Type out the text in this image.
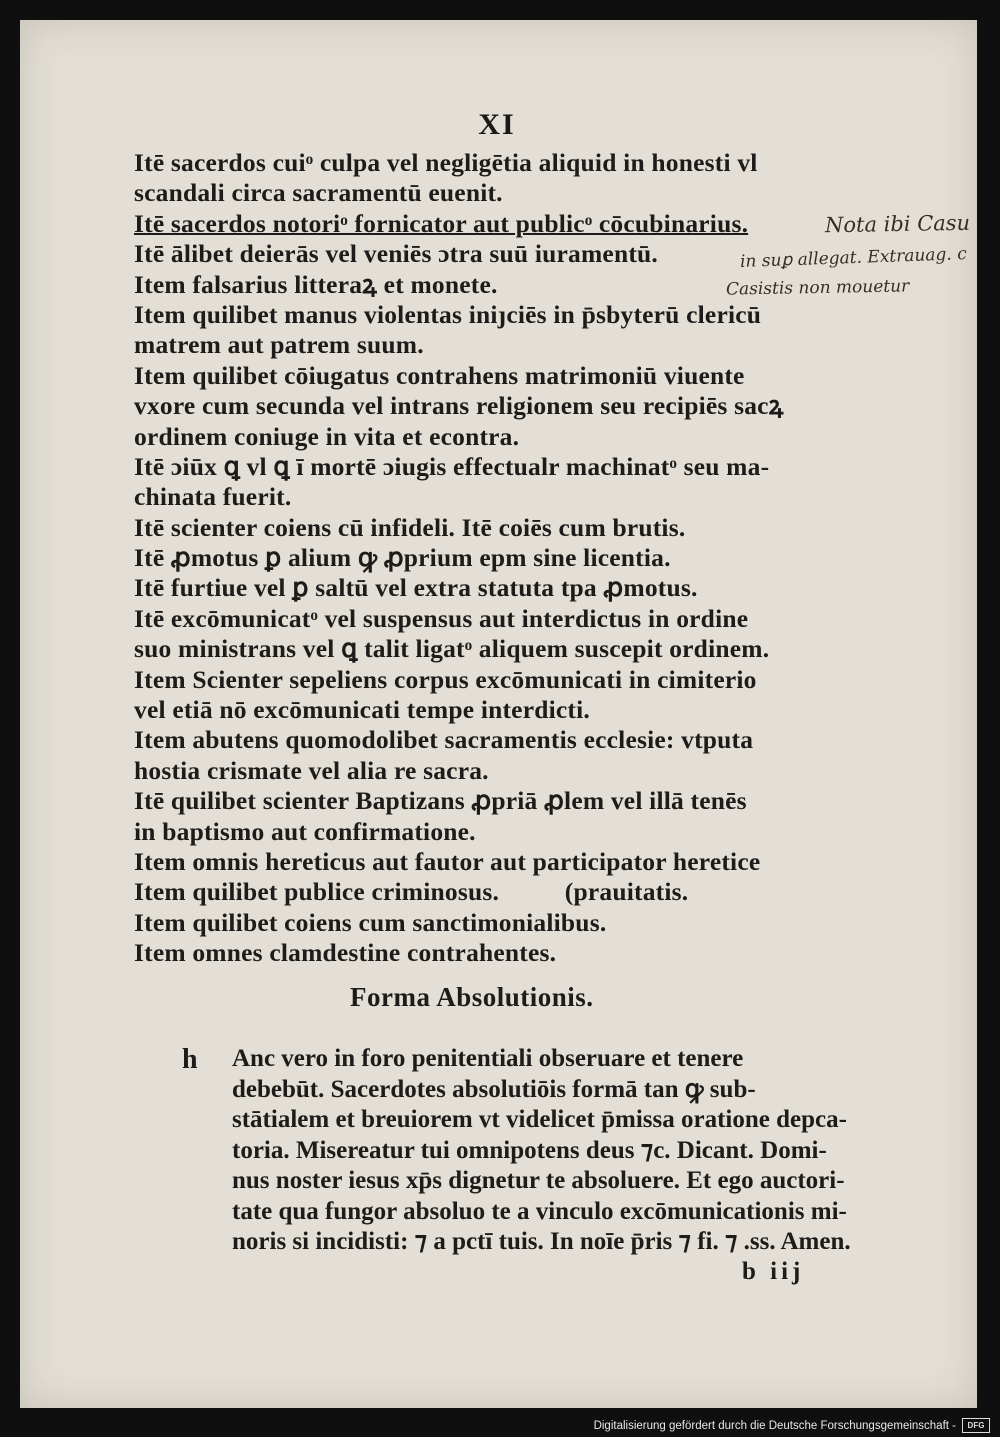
XI
Itē sacerdos cuiᵒ culpa vel negligētia aliquid in honesti vl
scandali circa sacramentū euenit.
Itē sacerdos notoriᵒ fornicator aut publicᵒ cōcubinarius.
Itē ālibet deierās vel veniēs ɔtra suū iuramentū.
Item falsarius litteraꝝ et monete.
Item quilibet manus violentas iniȷciēs in p̄sbyterū clericū
matrem aut patrem suum.
Item quilibet cōiugatus contrahens matrimoniū viuente
vxore cum secunda vel intrans religionem seu recipiēs sacꝝ
ordinem coniuge in vita et econtra.
Itē ɔiūx ꝗ vl ꝗ ī mortē ɔiugis effectualr machinatᵒ seu ma-
chinata fuerit.
Itē scienter coiens cū infideli. Itē coiēs cum brutis.
Itē ꝓmotus ꝑ alium ꝙ ꝓprium epm sine licentia.
Itē furtiue vel ꝑ saltū vel extra statuta tpa ꝓmotus.
Itē excōmunicatᵒ vel suspensus aut interdictus in ordine
suo ministrans vel ꝗ talit ligatᵒ aliquem suscepit ordinem.
Item Scienter sepeliens corpus excōmunicati in cimiterio
vel etiā nō excōmunicati tempe interdicti.
Item abutens quomodolibet sacramentis ecclesie: vtputa
hostia crismate vel alia re sacra.
Itē quilibet scienter Baptizans ꝓpriā ꝓlem vel illā tenēs
in baptismo aut confirmatione.
Item omnis hereticus aut fautor aut participator heretice
Item quilibet publice criminosus.          (prauitatis.
Item quilibet coiens cum sanctimonialibus.
Item omnes clamdestine contrahentes.
Forma Absolutionis.
h Anc vero in foro penitentiali obseruare et tenere
debebūt. Sacerdotes absolutiōis formā tan ꝙ sub-
stātialem et breuiorem vt videlicet p̄missa oratione depca-
toria. Misereatur tui omnipotens deus ⁊c. Dicant. Domi-
nus noster iesus xp̄s dignetur te absoluere. Et ego auctori-
tate qua fungor absoluo te a vinculo excōmunicationis mi-
noris si incidisti: ⁊ a pctī tuis. In noīe p̄ris ⁊ fi. ⁊ .ss. Amen.
b iij
Nota ibi Casu
in suꝑ allegat. Extrauag. c
Casistis non mouetur
Digitalisierung gefördert durch die Deutsche Forschungsgemeinschaft -	DFG
